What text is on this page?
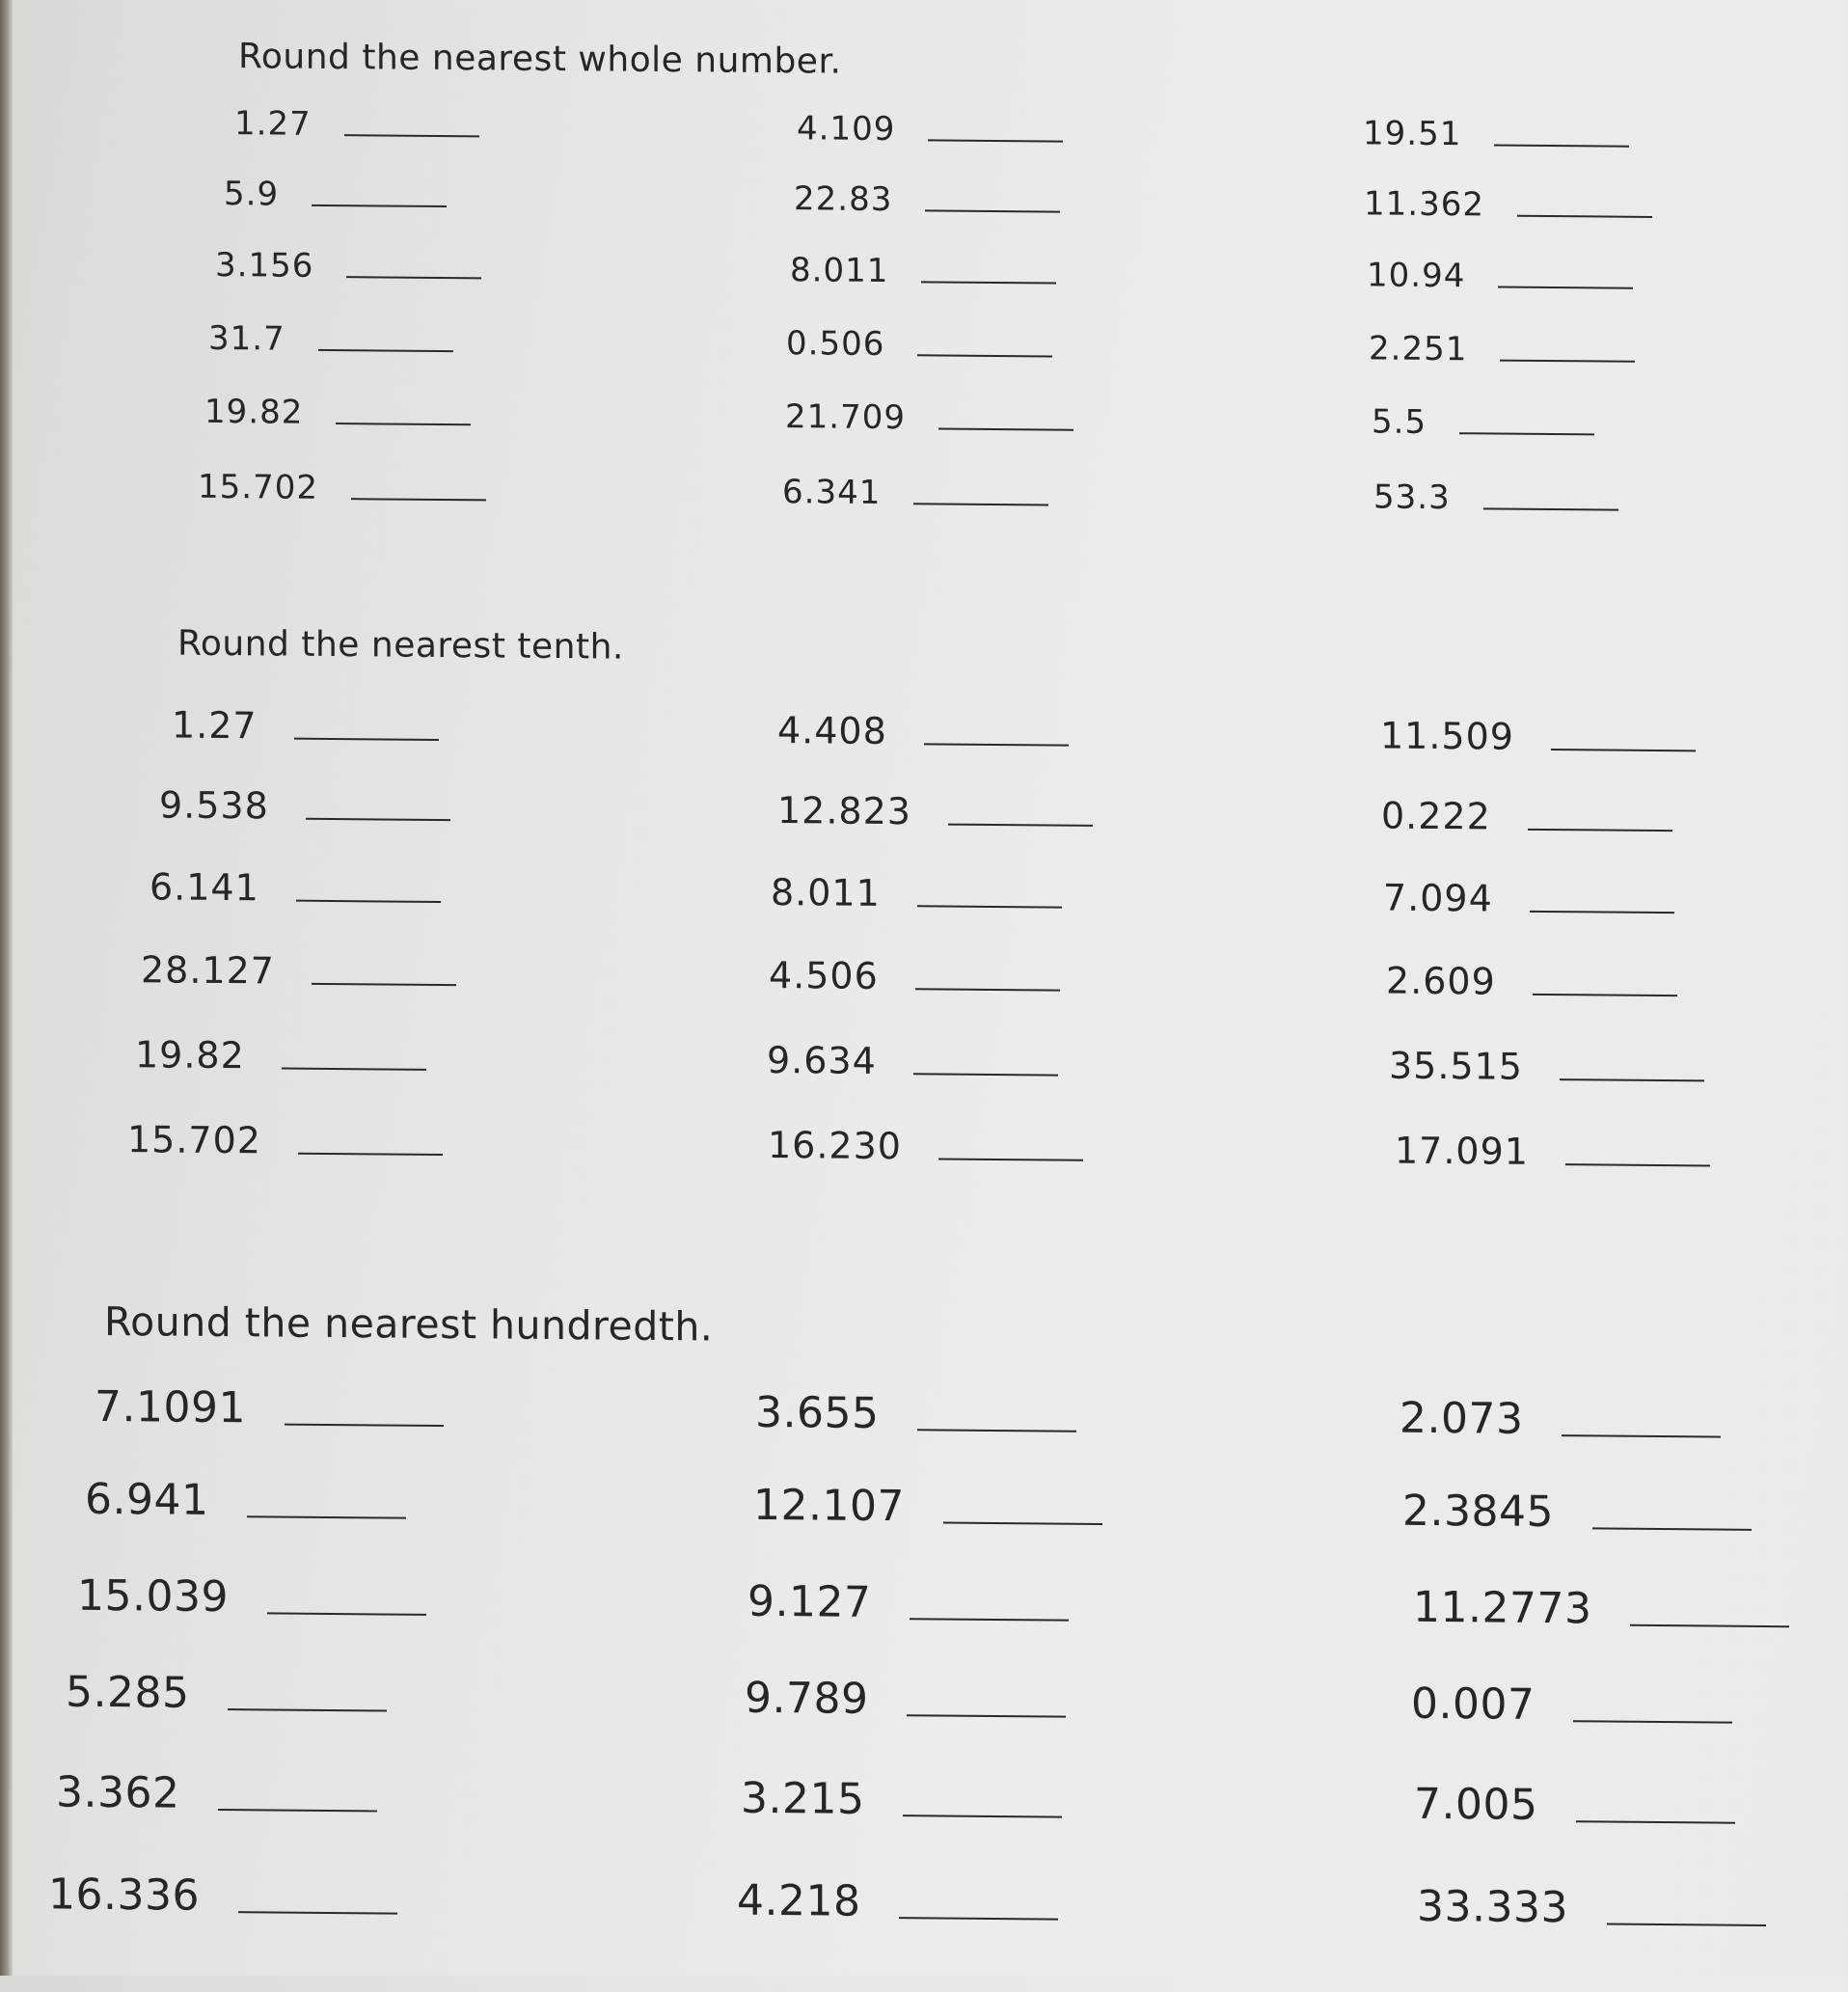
Round the nearest whole number.
1.27	4.109	19.51
5.9	22.83	11.362
3.156	8.011	10.94
31.7	0.506	2.251
19.82	21.709	5.5
15.702	6.341	53.3
Round the nearest tenth.
1.27	4.408	11.509
9.538	12.823	0.222
6.141	8.011	7.094
28.127	4.506	2.609
19.82	9.634	35.515
15.702	16.230	17.091
Round the nearest hundredth.
7.1091	3.655	2.073
6.941	12.107	2.3845
15.039	9.127	11.2773
5.285	9.789	0.007
3.362	3.215	7.005
16.336	4.218	33.333
